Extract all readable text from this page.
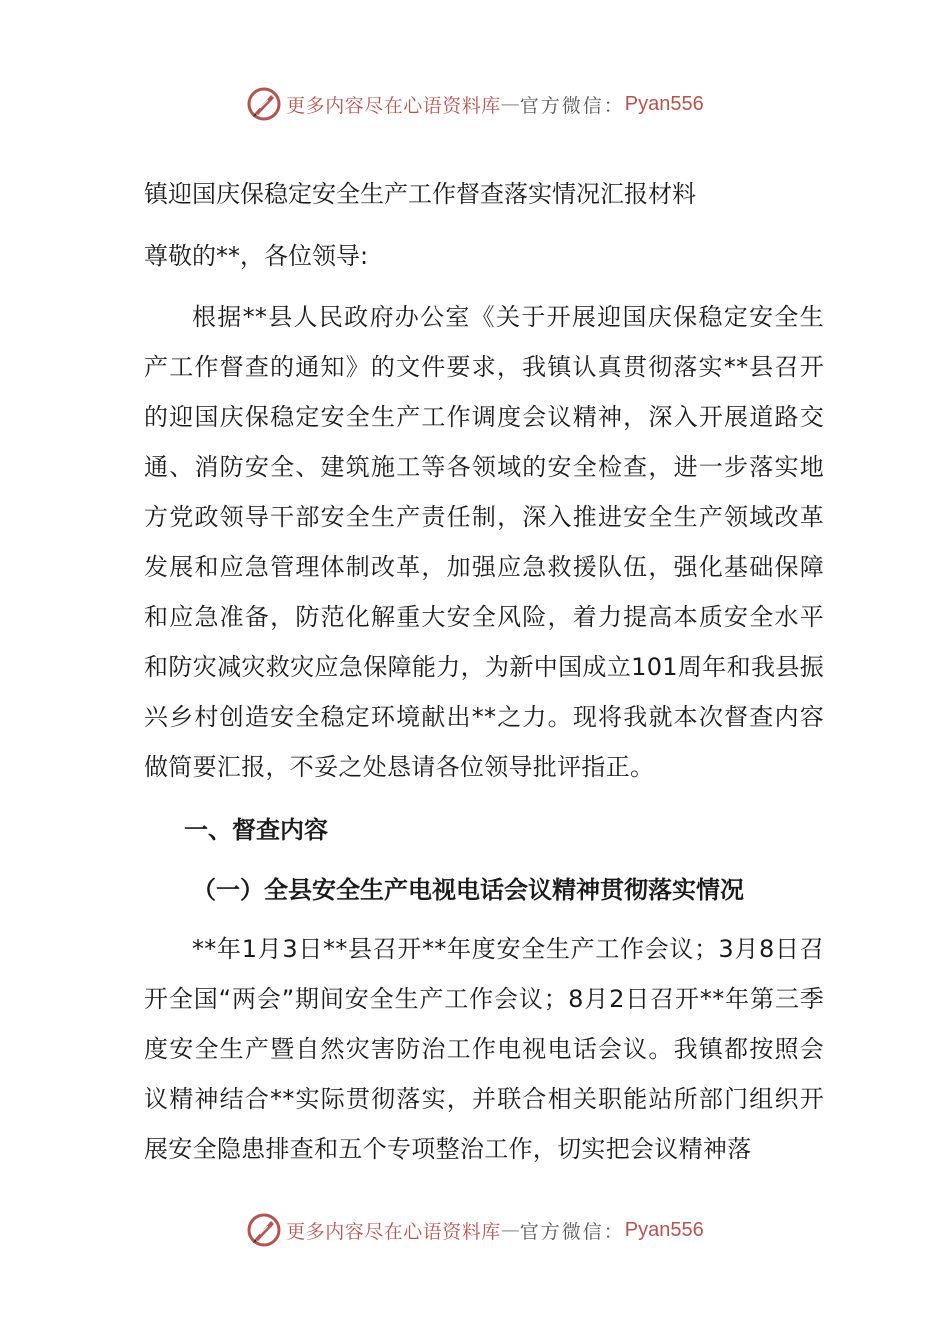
更多内容尽在心语资料库 — 官方微信： Pyan556
镇迎国庆保稳定安全生产工作督查落实情况汇报材料
尊敬的**，各位领导:

根据**县人民政府办公室《关于开展迎国庆保稳定安全生产工作督查的通知》的文件要求，我镇认真贯彻落实**县召开的迎国庆保稳定安全生产工作调度会议精神，深入开展道路交通、消防安全、建筑施工等各领域的安全检查，进一步落实地方党政领导干部安全生产责任制，深入推进安全生产领域改革发展和应急管理体制改革，加强应急救援队伍，强化基础保障和应急准备，防范化解重大安全风险，着力提高本质安全水平和防灾减灾救灾应急保障能力，为新中国成立101周年和我县振兴乡村创造安全稳定环境献出**之力。现将我就本次督查内容做简要汇报，不妥之处恳请各位领导批评指正。

一、督查内容
（一）全县安全生产电视电话会议精神贯彻落实情况

**年1月3日**县召开**年度安全生产工作会议；3月8日召开全国“两会”期间安全生产工作会议；8月2日召开**年第三季度安全生产暨自然灾害防治工作电视电话会议。我镇都按照会议精神结合**实际贯彻落实，并联合相关职能站所部门组织开展安全隐患排查和五个专项整治工作，切实把会议精神落

更多内容尽在心语资料库 — 官方微信： Pyan556
